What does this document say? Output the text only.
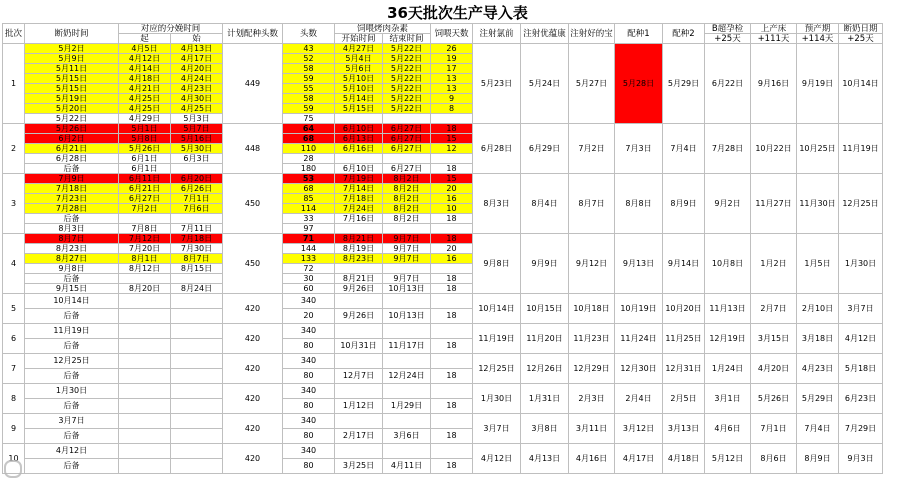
36天批次生产导入表
批次	断奶时间	对应的分娩时间		计划配种头数	头数	饲喂烤肉杂素		饲喂天数	注射氯前	注射优蕴康	注射好的宝	配种1	配种2	B超孕检	上产床	预产期	断奶日期
		起	始			开始时间	结束时间							+25天	+111天	+114天	+25天
1	5月2日	4月5日	4月13日	449	43	4月27日	5月22日	26	5月23日	5月24日	5月27日	5月28日	5月29日	6月22日	9月16日	9月19日	10月14日
	5月9日	4月12日	4月17日		52	5月4日	5月22日	19									
	5月11日	4月14日	4月20日		58	5月6日	5月22日	17									
	5月15日	4月18日	4月24日		59	5月10日	5月22日	13									
	5月15日	4月21日	4月23日		55	5月10日	5月22日	13									
	5月19日	4月25日	4月30日		58	5月14日	5月22日	9									
	5月20日	4月25日	4月25日		59	5月15日	5月22日	8									
	5月22日	4月29日	5月3日		75												
2	5月26日	5月1日	5月7日	448	64	6月10日	6月27日	18	6月28日	6月29日	7月2日	7月3日	7月4日	7月28日	10月22日	10月25日	11月19日
	6月2日	5月8日	5月16日		68	6月13日	6月27日	15									
	6月21日	5月26日	5月30日		110	6月16日	6月27日	12									
	6月28日	6月1日	6月3日		28												
	后备	6月1日			180	6月10日	6月27日	18									
3	7月9日	6月11日	6月20日	450	53	7月19日	8月2日	15	8月3日	8月4日	8月7日	8月8日	8月9日	9月2日	11月27日	11月30日	12月25日
	7月18日	6月21日	6月26日		68	7月14日	8月2日	20									
	7月23日	6月27日	7月1日		85	7月18日	8月2日	16									
	7月28日	7月2日	7月6日		114	7月24日	8月2日	10									
	后备				33	7月16日	8月2日	18									
	8月3日	7月8日	7月11日		97												
4	8月7日	7月12日	7月18日	450	71	8月21日	9月7日	18	9月8日	9月9日	9月12日	9月13日	9月14日	10月8日	1月2日	1月5日	1月30日
	8月23日	7月20日	7月30日		144	8月19日	9月7日	20									
	8月27日	8月1日	8月7日		133	8月23日	9月7日	16									
	9月8日	8月12日	8月15日		72												
	后备				30	8月21日	9月7日	18									
	9月15日	8月20日	8月24日		60	9月26日	10月13日	18									
5	10月14日			420	340				10月14日	10月15日	10月18日	10月19日	10月20日	11月13日	2月7日	2月10日	3月7日
	后备				20	9月26日	10月13日	18									
6	11月19日			420	340				11月19日	11月20日	11月23日	11月24日	11月25日	12月19日	3月15日	3月18日	4月12日
	后备				80	10月31日	11月17日	18									
7	12月25日			420	340				12月25日	12月26日	12月29日	12月30日	12月31日	1月24日	4月20日	4月23日	5月18日
	后备				80	12月7日	12月24日	18									
8	1月30日			420	340				1月30日	1月31日	2月3日	2月4日	2月5日	3月1日	5月26日	5月29日	6月23日
	后备				80	1月12日	1月29日	18									
9	3月7日			420	340				3月7日	3月8日	3月11日	3月12日	3月13日	4月6日	7月1日	7月4日	7月29日
	后备				80	2月17日	3月6日	18									
10	4月12日			420	340				4月12日	4月13日	4月16日	4月17日	4月18日	5月12日	8月6日	8月9日	9月3日
	后备				80	3月25日	4月11日	18									
